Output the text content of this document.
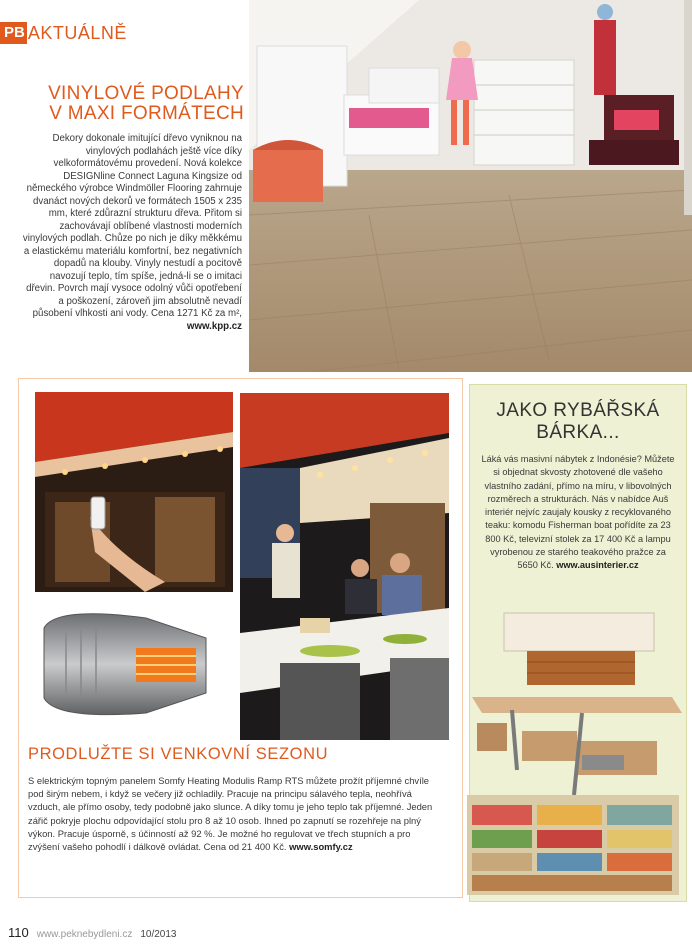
PB AKTUÁLNĚ
VINYLOVÉ PODLAHY
V MAXI FORMÁTECH
Dekory dokonale imitující dřevo vyniknou na vinylových podlahách ještě více díky velkoformátovému provedení. Nová kolekce DESIGNline Connect Laguna Kingsize od německého výrobce Windmöller Flooring zahrnuje dvanáct nových dekorů ve formátech 1505 x 235 mm, které zdůrazní strukturu dřeva. Přitom si zachovávají oblíbené vlastnosti moderních vinylových podlah. Chůze po nich je díky měkkému a elastickému materiálu komfortní, bez negativních dopadů na klouby. Vinyly nestudí a pocitově navozují teplo, tím spíše, jedná-li se o imitaci dřevin. Povrch mají vysoce odolný vůči opotřebení a poškození, zároveň jim absolutně nevadí působení vlhkosti ani vody. Cena 1271 Kč za m², www.kpp.cz
PRODLUŽTE SI VENKOVNÍ SEZONU
S elektrickým topným panelem Somfy Heating Modulis Ramp RTS můžete prožít příjemné chvíle pod širým nebem, i když se večery již ochladily. Pracuje na principu sálavého tepla, neohřívá vzduch, ale přímo osoby, tedy podobně jako slunce. A díky tomu je jeho teplo tak příjemné. Jeden zářič pokryje plochu odpovídající stolu pro 8 až 10 osob. Ihned po zapnutí se rozehřeje na plný výkon. Pracuje úsporně, s účinností až 92 %. Je možné ho regulovat ve třech stupních a pro zvýšení vašeho pohodlí i dálkově ovládat. Cena od 21 400 Kč. www.somfy.cz
JAKO RYBÁŘSKÁ
BÁRKA...
Láká vás masivní nábytek z Indonésie? Můžete si objednat skvosty zhotovené dle vašeho vlastního zadání, přímo na míru, v libovolných rozměrech a strukturách. Nás v nabídce Auš interiér nejvíc zaujaly kousky z recyklovaného teaku: komodu Fisherman boat pořídíte za 23 800 Kč, televizní stolek za 17 400 Kč a lampu vyrobenou ze starého teakového pražce za 5650 Kč. www.ausinterier.cz
110 www.peknebydleni.cz 10/2013
